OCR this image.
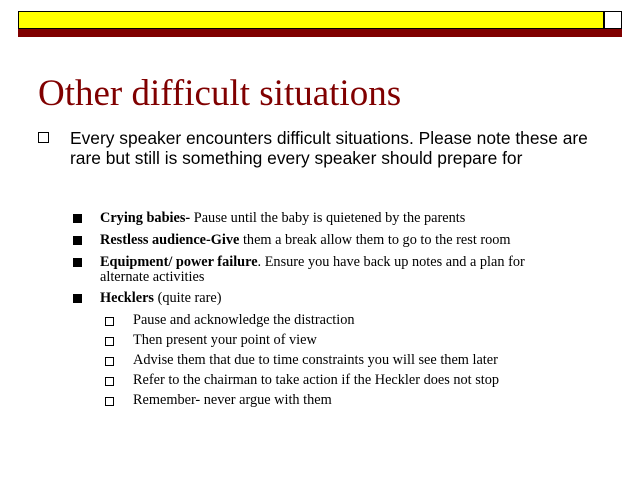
Other difficult situations
Every speaker encounters difficult situations. Please note these are rare but still is something every speaker should prepare for
Crying babies- Pause until the baby is quietened by the parents
Restless audience-Give them a break allow them to go to the rest room
Equipment/ power failure. Ensure you have back up notes and a plan for
alternate activities
Hecklers (quite rare)
Pause and acknowledge the distraction
Then present your point of view
Advise them that due to time constraints you will see them later
Refer to the chairman to take action if the Heckler does not stop
Remember- never argue with them
